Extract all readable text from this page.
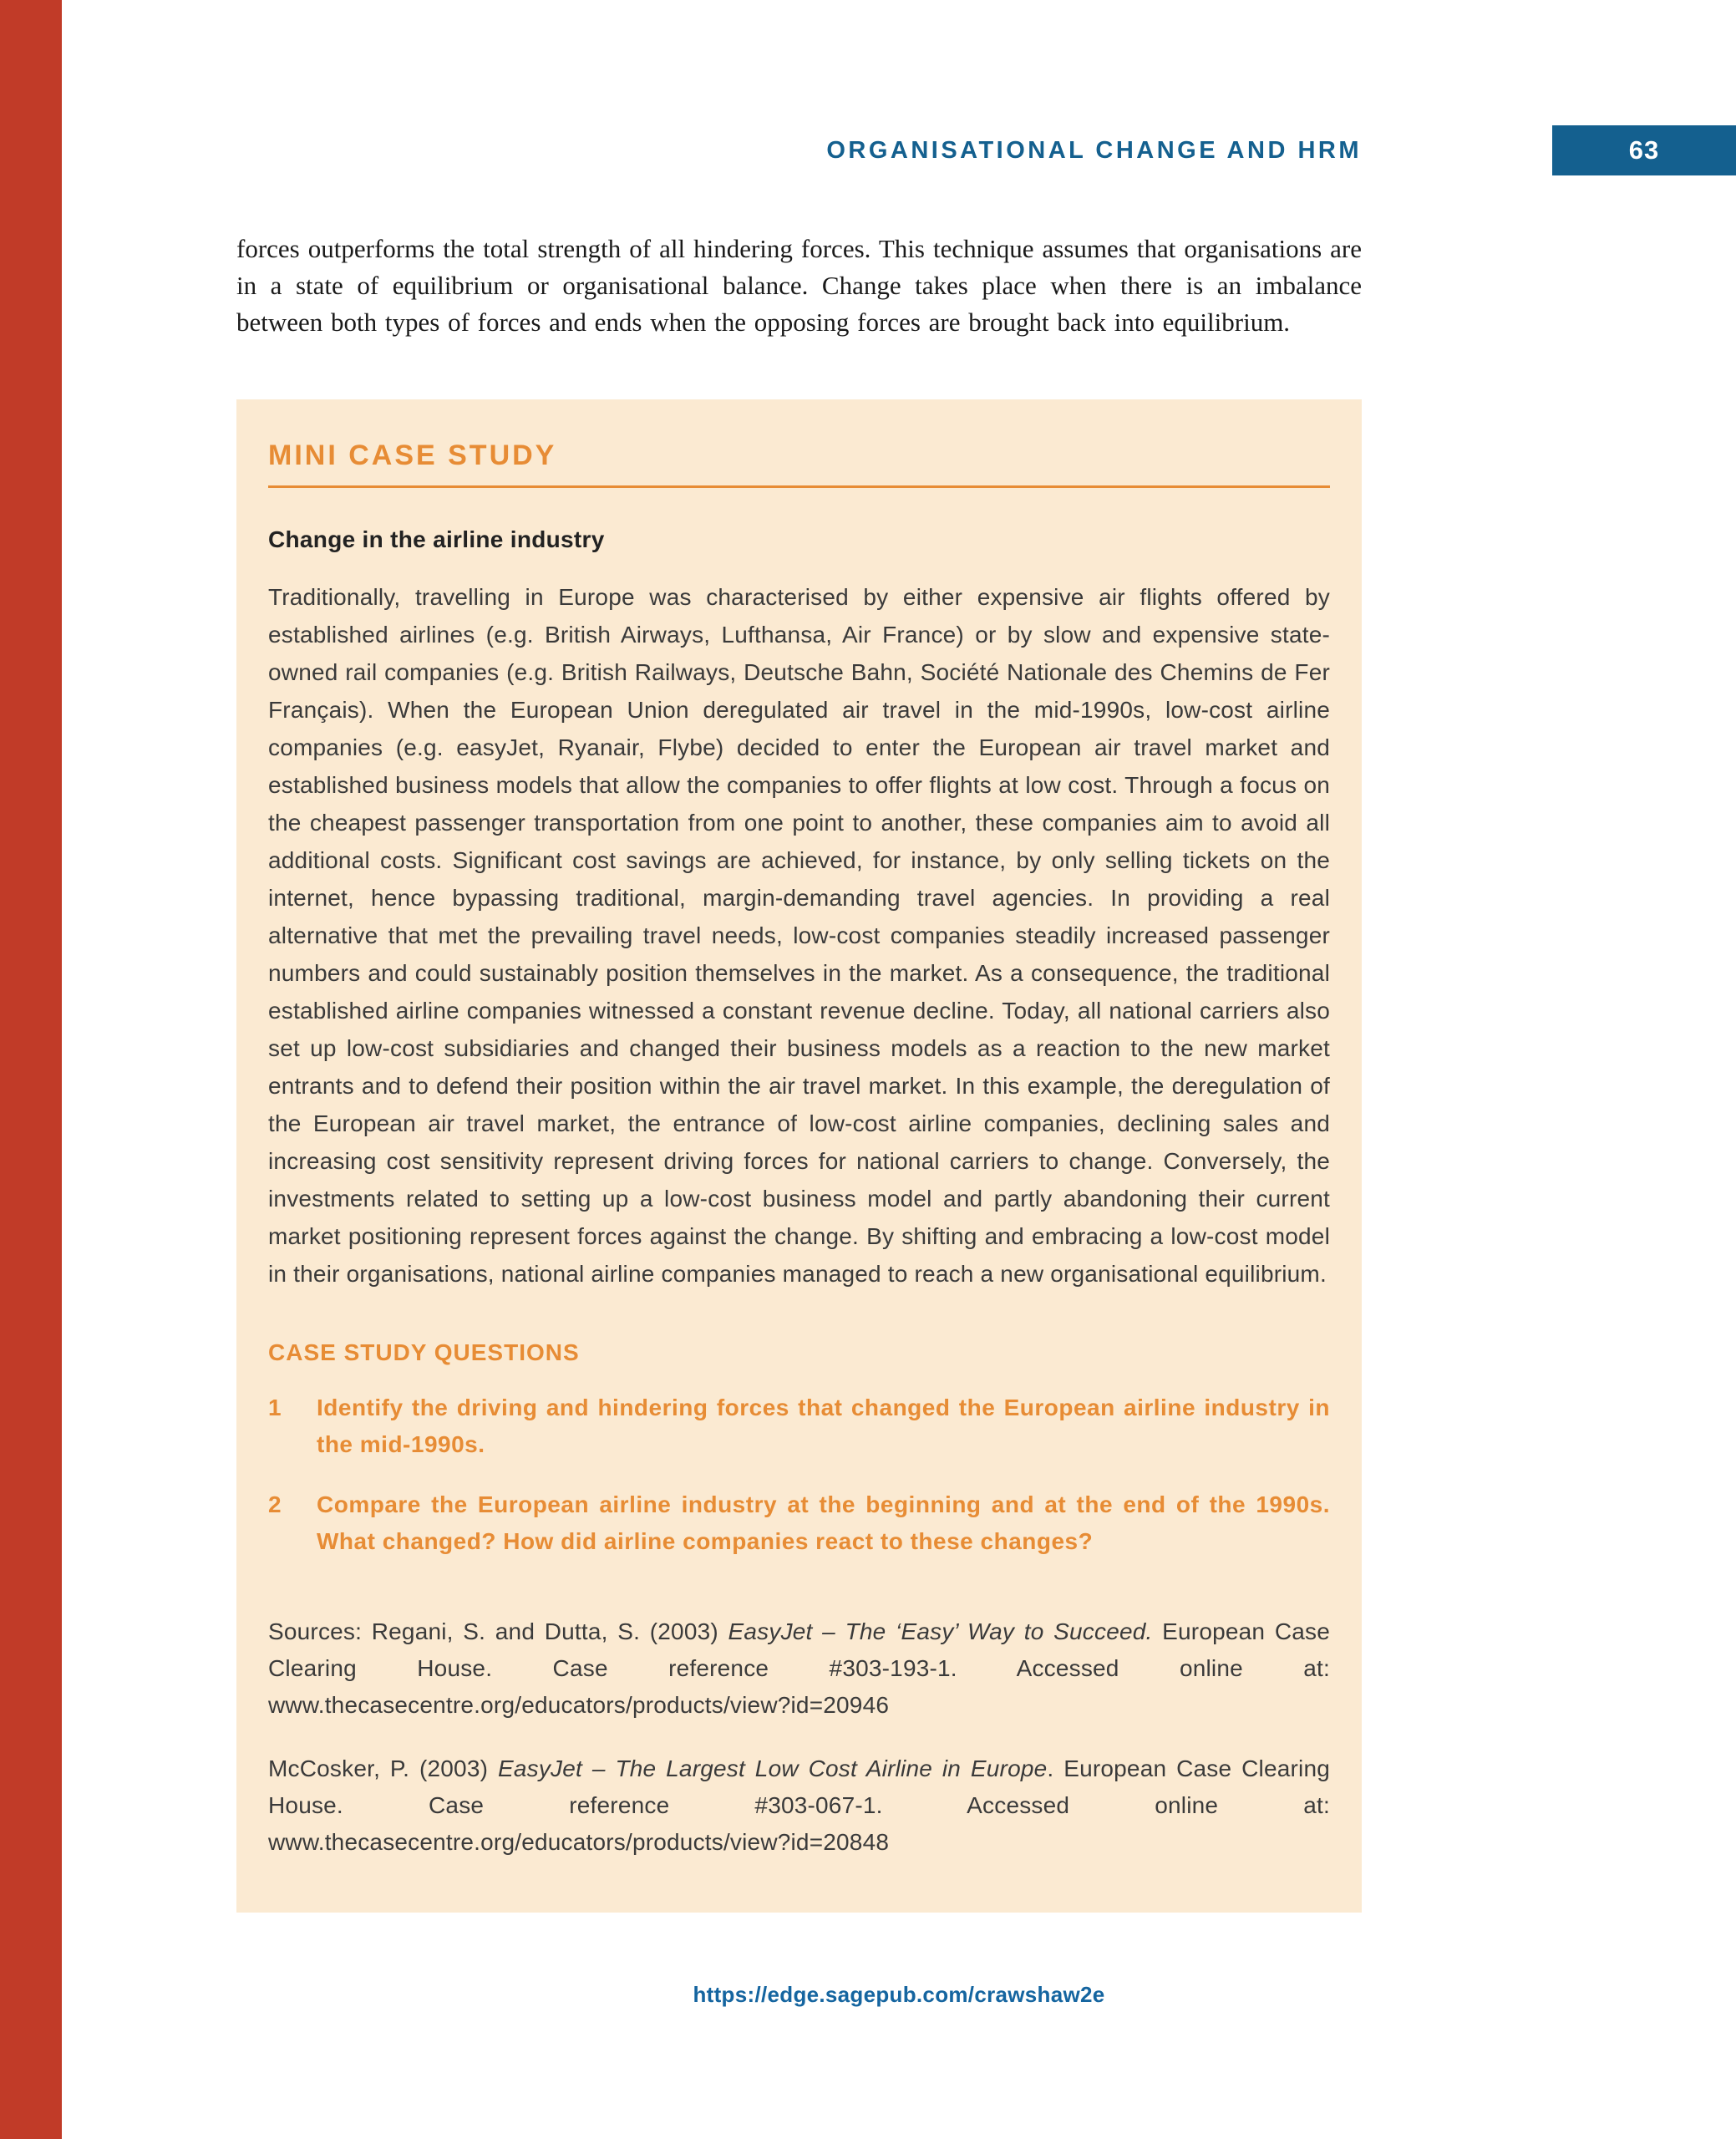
ORGANISATIONAL CHANGE AND HRM	63

forces outperforms the total strength of all hindering forces. This technique assumes that organisations are in a state of equilibrium or organisational balance. Change takes place when there is an imbalance between both types of forces and ends when the opposing forces are brought back into equilibrium.

MINI CASE STUDY
Change in the airline industry

Traditionally, travelling in Europe was characterised by either expensive air flights offered by established airlines (e.g. British Airways, Lufthansa, Air France) or by slow and expensive state-owned rail companies (e.g. British Railways, Deutsche Bahn, Société Nationale des Chemins de Fer Français). When the European Union deregulated air travel in the mid-1990s, low-cost airline companies (e.g. easyJet, Ryanair, Flybe) decided to enter the European air travel market and established business models that allow the companies to offer flights at low cost. Through a focus on the cheapest passenger transportation from one point to another, these companies aim to avoid all additional costs. Significant cost savings are achieved, for instance, by only selling tickets on the internet, hence bypassing traditional, margin-demanding travel agencies. In providing a real alternative that met the prevailing travel needs, low-cost companies steadily increased passenger numbers and could sustainably position themselves in the market. As a consequence, the traditional established airline companies witnessed a constant revenue decline. Today, all national carriers also set up low-cost subsidiaries and changed their business models as a reaction to the new market entrants and to defend their position within the air travel market. In this example, the deregulation of the European air travel market, the entrance of low-cost airline companies, declining sales and increasing cost sensitivity represent driving forces for national carriers to change. Conversely, the investments related to setting up a low-cost business model and partly abandoning their current market positioning represent forces against the change. By shifting and embracing a low-cost model in their organisations, national airline companies managed to reach a new organisational equilibrium.

CASE STUDY QUESTIONS
1	Identify the driving and hindering forces that changed the European airline industry in the mid-1990s.
2	Compare the European airline industry at the beginning and at the end of the 1990s. What changed? How did airline companies react to these changes?

Sources: Regani, S. and Dutta, S. (2003) EasyJet – The ‘Easy’ Way to Succeed. European Case Clearing House. Case reference #303-193-1. Accessed online at: www.thecasecentre.org/educators/products/view?id=20946

McCosker, P. (2003) EasyJet – The Largest Low Cost Airline in Europe. European Case Clearing House. Case reference #303-067-1. Accessed online at: www.thecasecentre.org/educators/products/view?id=20848

https://edge.sagepub.com/crawshaw2e
